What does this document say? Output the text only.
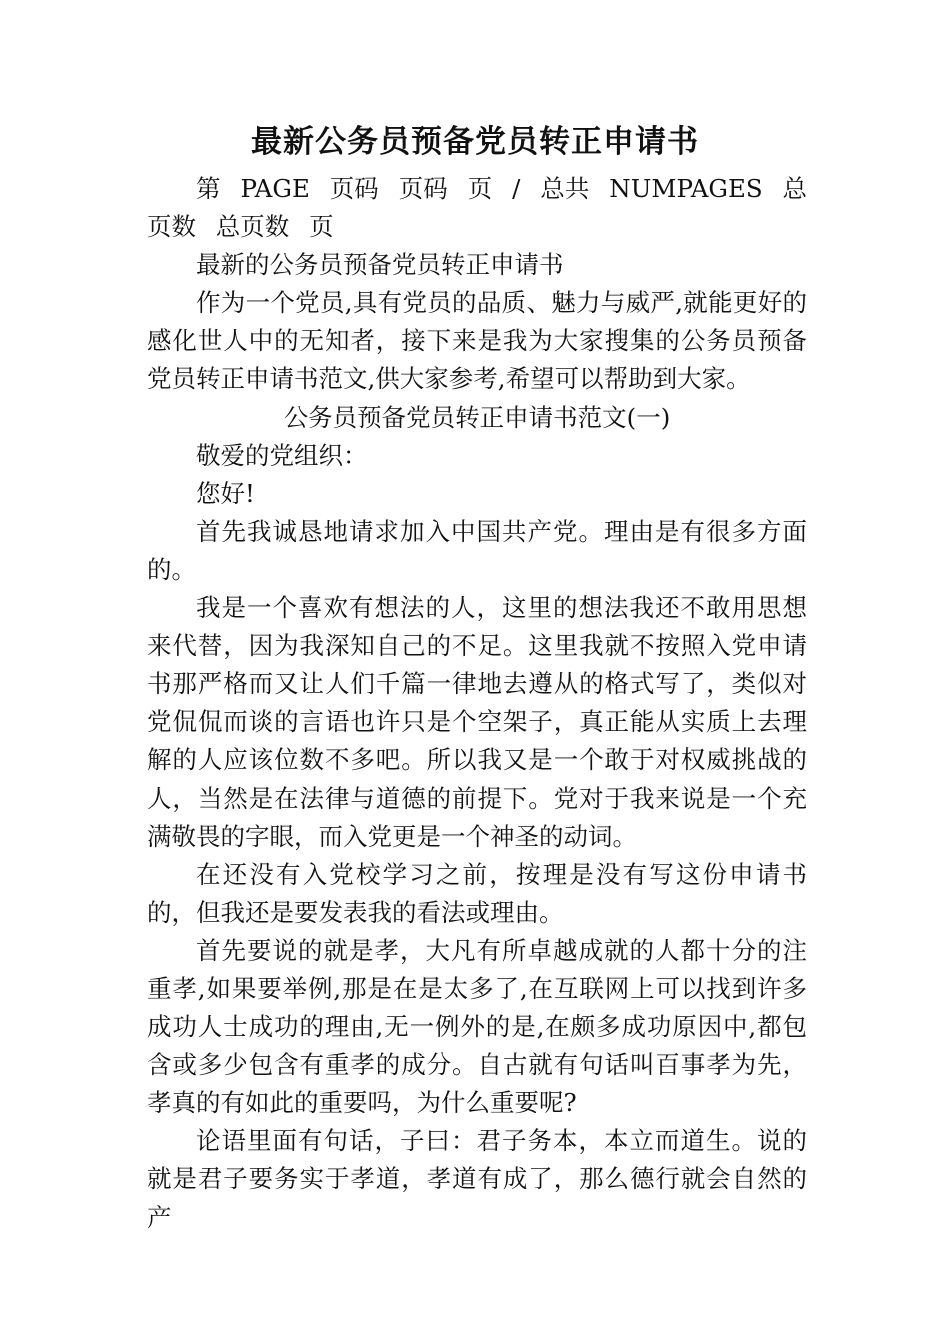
最新公务员预备党员转正申请书

第 PAGE 页码 页码 页 / 总共 NUMPAGES 总页数 总页数 页

最新的公务员预备党员转正申请书

作为一个党员,具有党员的品质、魅力与威严,就能更好的感化世人中的无知者，接下来是我为大家搜集的公务员预备党员转正申请书范文,供大家参考,希望可以帮助到大家。

公务员预备党员转正申请书范文(一)

敬爱的党组织：

您好!

首先我诚恳地请求加入中国共产党。理由是有很多方面的。

我是一个喜欢有想法的人，这里的想法我还不敢用思想来代替，因为我深知自己的不足。这里我就不按照入党申请书那严格而又让人们千篇一律地去遵从的格式写了，类似对党侃侃而谈的言语也许只是个空架子，真正能从实质上去理解的人应该位数不多吧。所以我又是一个敢于对权威挑战的人，当然是在法律与道德的前提下。党对于我来说是一个充满敬畏的字眼，而入党更是一个神圣的动词。

在还没有入党校学习之前，按理是没有写这份申请书的，但我还是要发表我的看法或理由。

首先要说的就是孝，大凡有所卓越成就的人都十分的注重孝,如果要举例,那是在是太多了,在互联网上可以找到许多成功人士成功的理由,无一例外的是,在颇多成功原因中,都包含或多少包含有重孝的成分。自古就有句话叫百事孝为先，孝真的有如此的重要吗，为什么重要呢?

论语里面有句话，子曰：君子务本，本立而道生。说的就是君子要务实于孝道，孝道有成了，那么德行就会自然的产
